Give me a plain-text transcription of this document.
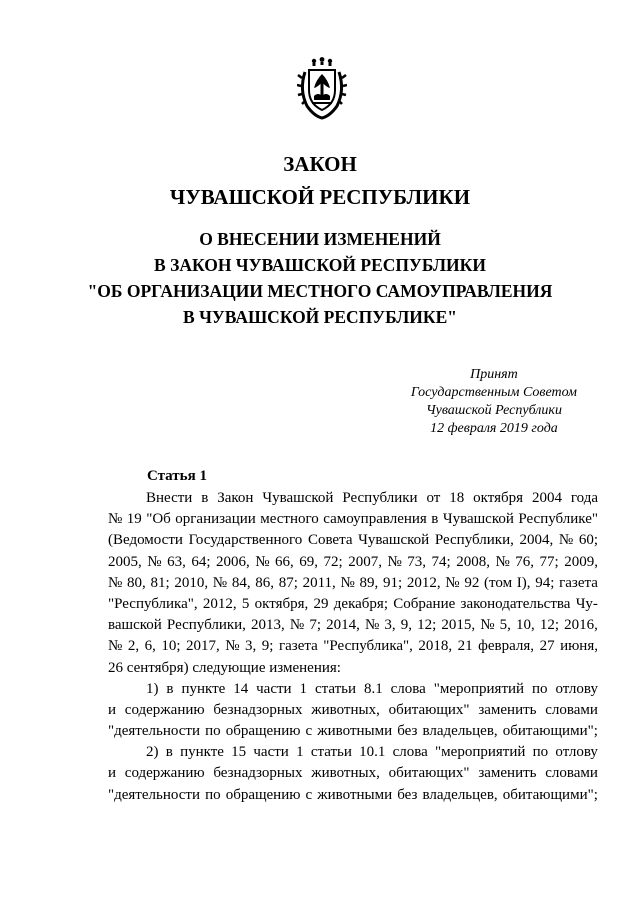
ЗАКОН
ЧУВАШСКОЙ РЕСПУБЛИКИ
О ВНЕСЕНИИ ИЗМЕНЕНИЙ
В ЗАКОН ЧУВАШСКОЙ РЕСПУБЛИКИ
"ОБ ОРГАНИЗАЦИИ МЕСТНОГО САМОУПРАВЛЕНИЯ
В ЧУВАШСКОЙ РЕСПУБЛИКЕ"
Принят
Государственным Советом
Чувашской Республики
12 февраля 2019 года
Статья 1
Внести в Закон Чувашской Республики от 18 октября 2004 года
№ 19 "Об организации местного самоуправления в Чувашской Республике"
(Ведомости Государственного Совета Чувашской Республики, 2004, № 60;
2005, № 63, 64; 2006, № 66, 69, 72; 2007, № 73, 74; 2008, № 76, 77; 2009,
№ 80, 81; 2010, № 84, 86, 87; 2011, № 89, 91; 2012, № 92 (том I), 94; газета
"Республика", 2012, 5 октября, 29 декабря; Собрание законодательства Чу-
вашской Республики, 2013, № 7; 2014, № 3, 9, 12; 2015, № 5, 10, 12; 2016,
№ 2, 6, 10; 2017, № 3, 9; газета "Республика", 2018, 21 февраля, 27 июня,
26 сентября) следующие изменения:
1) в пункте 14 части 1 статьи 8.1 слова "мероприятий по отлову
и содержанию безнадзорных животных, обитающих" заменить словами
"деятельности по обращению с животными без владельцев, обитающими";
2) в пункте 15 части 1 статьи 10.1 слова "мероприятий по отлову
и содержанию безнадзорных животных, обитающих" заменить словами
"деятельности по обращению с животными без владельцев, обитающими";
